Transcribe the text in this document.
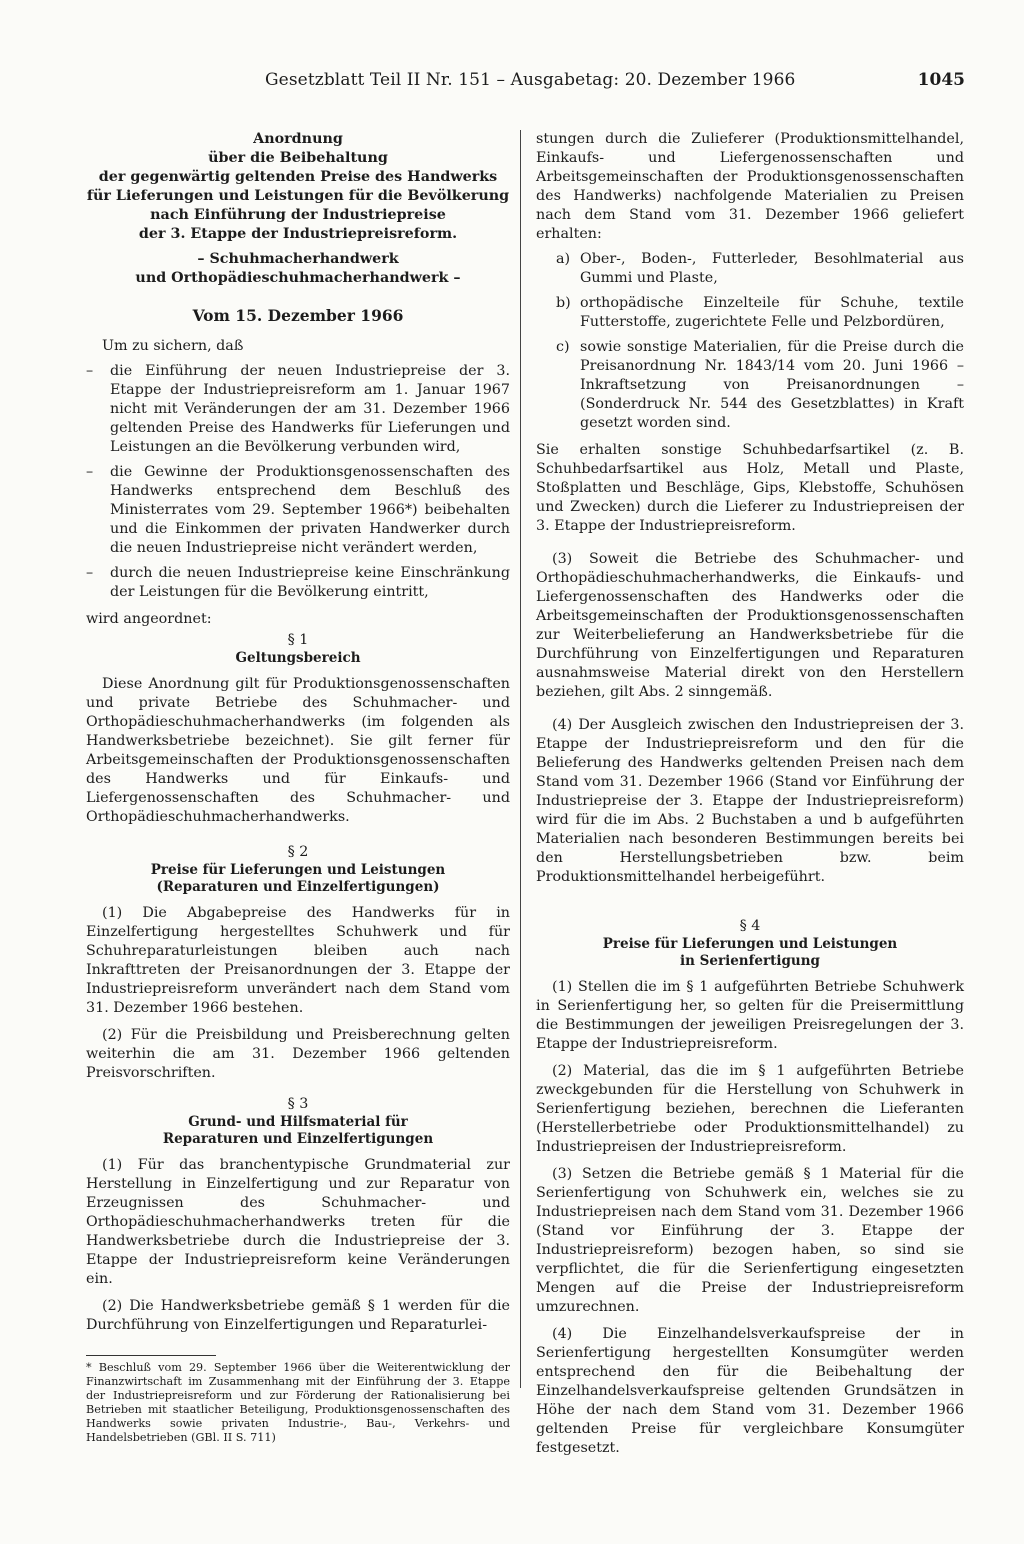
Gesetzblatt Teil II Nr. 151 – Ausgabetag: 20. Dezember 1966	1045

Anordnung

über die Beibehaltung

der gegenwärtig geltenden Preise des Handwerks

für Lieferungen und Leistungen für die Bevölkerung

nach Einführung der Industriepreise

der 3. Etappe der Industriepreisreform.

– Schuhmacherhandwerk

und Orthopädieschuhmacherhandwerk –

Vom 15. Dezember 1966

Um zu sichern, daß

–	die Einführung der neuen Industriepreise der 3. Etappe der Industriepreisreform am 1. Januar 1967 nicht mit Veränderungen der am 31. Dezember 1966 geltenden Preise des Handwerks für Lieferungen und Leistungen an die Bevölkerung verbunden wird,
–	die Gewinne der Produktionsgenossenschaften des Handwerks entsprechend dem Beschluß des Ministerrates vom 29. September 1966*) beibehalten und die Einkommen der privaten Handwerker durch die neuen Industriepreise nicht verändert werden,
–	durch die neuen Industriepreise keine Einschränkung der Leistungen für die Bevölkerung eintritt,

wird angeordnet:

§ 1

Geltungsbereich

Diese Anordnung gilt für Produktionsgenossenschaften und private Betriebe des Schuhmacher- und Orthopädieschuhmacherhandwerks (im folgenden als Handwerksbetriebe bezeichnet). Sie gilt ferner für Arbeitsgemeinschaften der Produktionsgenossenschaften des Handwerks und für Einkaufs- und Liefergenossenschaften des Schuhmacher- und Orthopädieschuhmacherhandwerks.

§ 2

Preise für Lieferungen und Leistungen

(Reparaturen und Einzelfertigungen)

(1) Die Abgabepreise des Handwerks für in Einzelfertigung hergestelltes Schuhwerk und für Schuhreparaturleistungen bleiben auch nach Inkrafttreten der Preisanordnungen der 3. Etappe der Industriepreisreform unverändert nach dem Stand vom 31. Dezember 1966 bestehen.

(2) Für die Preisbildung und Preisberechnung gelten weiterhin die am 31. Dezember 1966 geltenden Preisvorschriften.

§ 3

Grund- und Hilfsmaterial für

Reparaturen und Einzelfertigungen

(1) Für das branchentypische Grundmaterial zur Herstellung in Einzelfertigung und zur Reparatur von Erzeugnissen des Schuhmacher- und Orthopädieschuhmacherhandwerks treten für die Handwerksbetriebe durch die Industriepreise der 3. Etappe der Industriepreisreform keine Veränderungen ein.

(2) Die Handwerksbetriebe gemäß § 1 werden für die Durchführung von Einzelfertigungen und Reparaturlei-

* Beschluß vom 29. September 1966 über die Weiterentwicklung der Finanzwirtschaft im Zusammenhang mit der Einführung der 3. Etappe der Industriepreisreform und zur Förderung der Rationalisierung bei Betrieben mit staatlicher Beteiligung, Produktionsgenossenschaften des Handwerks sowie privaten Industrie-, Bau-, Verkehrs- und Handelsbetrieben (GBl. II S. 711)

stungen durch die Zulieferer (Produktionsmittelhandel, Einkaufs- und Liefergenossenschaften und Arbeitsgemeinschaften der Produktionsgenossenschaften des Handwerks) nachfolgende Materialien zu Preisen nach dem Stand vom 31. Dezember 1966 geliefert erhalten:

a) Ober-, Boden-, Futterleder, Besohlmaterial aus Gummi und Plaste,
b) orthopädische Einzelteile für Schuhe, textile Futterstoffe, zugerichtete Felle und Pelzbordüren,
c) sowie sonstige Materialien, für die Preise durch die Preisanordnung Nr. 1843/14 vom 20. Juni 1966 – Inkraftsetzung von Preisanordnungen – (Sonderdruck Nr. 544 des Gesetzblattes) in Kraft gesetzt worden sind.

Sie erhalten sonstige Schuhbedarfsartikel (z. B. Schuhbedarfsartikel aus Holz, Metall und Plaste, Stoßplatten und Beschläge, Gips, Klebstoffe, Schuhösen und Zwecken) durch die Lieferer zu Industriepreisen der 3. Etappe der Industriepreisreform.

(3) Soweit die Betriebe des Schuhmacher- und Orthopädieschuhmacherhandwerks, die Einkaufs- und Liefergenossenschaften des Handwerks oder die Arbeitsgemeinschaften der Produktionsgenossenschaften zur Weiterbelieferung an Handwerksbetriebe für die Durchführung von Einzelfertigungen und Reparaturen ausnahmsweise Material direkt von den Herstellern beziehen, gilt Abs. 2 sinngemäß.

(4) Der Ausgleich zwischen den Industriepreisen der 3. Etappe der Industriepreisreform und den für die Belieferung des Handwerks geltenden Preisen nach dem Stand vom 31. Dezember 1966 (Stand vor Einführung der Industriepreise der 3. Etappe der Industriepreisreform) wird für die im Abs. 2 Buchstaben a und b aufgeführten Materialien nach besonderen Bestimmungen bereits bei den Herstellungsbetrieben bzw. beim Produktionsmittelhandel herbeigeführt.

§ 4

Preise für Lieferungen und Leistungen

in Serienfertigung

(1) Stellen die im § 1 aufgeführten Betriebe Schuhwerk in Serienfertigung her, so gelten für die Preisermittlung die Bestimmungen der jeweiligen Preisregelungen der 3. Etappe der Industriepreisreform.

(2) Material, das die im § 1 aufgeführten Betriebe zweckgebunden für die Herstellung von Schuhwerk in Serienfertigung beziehen, berechnen die Lieferanten (Herstellerbetriebe oder Produktionsmittelhandel) zu Industriepreisen der Industriepreisreform.

(3) Setzen die Betriebe gemäß § 1 Material für die Serienfertigung von Schuhwerk ein, welches sie zu Industriepreisen nach dem Stand vom 31. Dezember 1966 (Stand vor Einführung der 3. Etappe der Industriepreisreform) bezogen haben, so sind sie verpflichtet, die für die Serienfertigung eingesetzten Mengen auf die Preise der Industriepreisreform umzurechnen.

(4) Die Einzelhandelsverkaufspreise der in Serienfertigung hergestellten Konsumgüter werden entsprechend den für die Beibehaltung der Einzelhandelsverkaufspreise geltenden Grundsätzen in Höhe der nach dem Stand vom 31. Dezember 1966 geltenden Preise für vergleichbare Konsumgüter festgesetzt.
